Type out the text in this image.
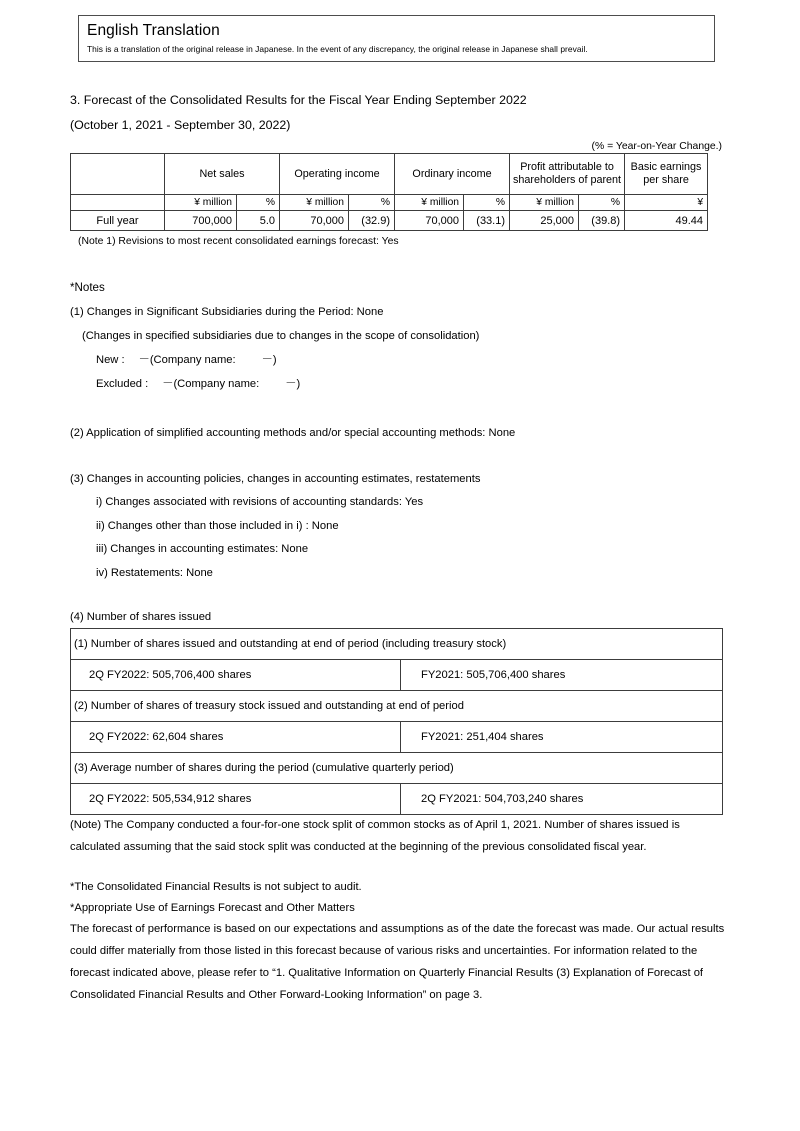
English Translation
This is a translation of the original release in Japanese. In the event of any discrepancy, the original release in Japanese shall prevail.
3. Forecast of the Consolidated Results for the Fiscal Year Ending September 2022
(October 1, 2021 - September 30, 2022)
(% = Year-on-Year Change.)
	Net sales		Operating income		Ordinary income		Profit attributable to shareholders of parent		Basic earnings per share
	¥ million	%	¥ million	%	¥ million	%	¥ million	%	¥
Full year	700,000	5.0	70,000	(32.9)	70,000	(33.1)	25,000	(39.8)	49.44
(Note 1) Revisions to most recent consolidated earnings forecast: Yes
*Notes
(1) Changes in Significant Subsidiaries during the Period: None
(Changes in specified subsidiaries due to changes in the scope of consolidation)
New : －(Company name: －)
Excluded : －(Company name: －)
(2) Application of simplified accounting methods and/or special accounting methods: None
(3) Changes in accounting policies, changes in accounting estimates, restatements
i) Changes associated with revisions of accounting standards: Yes
ii) Changes other than those included in i) : None
iii) Changes in accounting estimates: None
iv) Restatements: None
(4) Number of shares issued
(1) Number of shares issued and outstanding at end of period (including treasury stock)	
2Q FY2022: 505,706,400 shares	FY2021: 505,706,400 shares
(2) Number of shares of treasury stock issued and outstanding at end of period	
2Q FY2022: 62,604 shares	FY2021: 251,404 shares
(3) Average number of shares during the period (cumulative quarterly period)	
2Q FY2022: 505,534,912 shares	2Q FY2021: 504,703,240 shares
(Note) The Company conducted a four-for-one stock split of common stocks as of April 1, 2021. Number of shares issued is calculated assuming that the said stock split was conducted at the beginning of the previous consolidated fiscal year.
*The Consolidated Financial Results is not subject to audit.
*Appropriate Use of Earnings Forecast and Other Matters
The forecast of performance is based on our expectations and assumptions as of the date the forecast was made. Our actual results could differ materially from those listed in this forecast because of various risks and uncertainties. For information related to the forecast indicated above, please refer to “1. Qualitative Information on Quarterly Financial Results (3) Explanation of Forecast of Consolidated Financial Results and Other Forward-Looking Information” on page 3.
